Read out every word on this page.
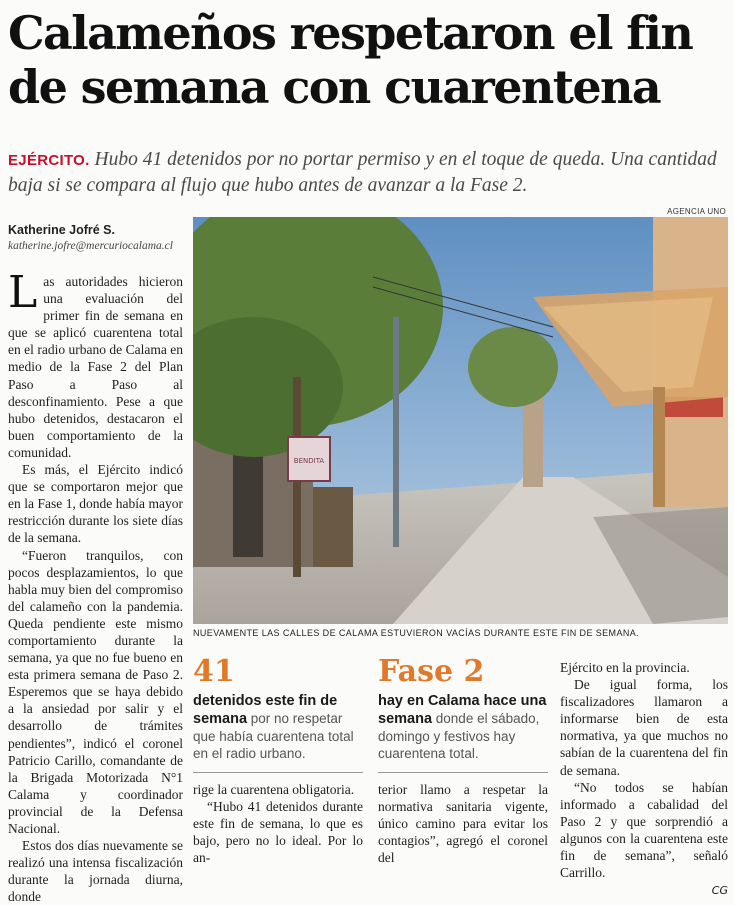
Calameños respetaron el fin
de semana con cuarentena

EJÉRCITO. Hubo 41 detenidos por no portar permiso y en el toque de queda. Una cantidad baja si se compara al flujo que hubo antes de avanzar a la Fase 2.

Katherine Jofré S.
katherine.jofre@mercuriocalama.cl
L as autoridades hicieron una evaluación del primer fin de semana en que se aplicó cuarentena total en el radio urbano de Calama en medio de la Fase 2 del Plan Paso a Paso al desconfinamiento. Pese a que hubo detenidos, destacaron el buen comportamiento de la comunidad.

Es más, el Ejército indicó que se comportaron mejor que en la Fase 1, donde había mayor restricción durante los siete días de la semana.

“Fueron tranquilos, con pocos desplazamientos, lo que habla muy bien del compromiso del calameño con la pandemia. Queda pendiente este mismo comportamiento durante la semana, ya que no fue bueno en esta primera semana de Paso 2. Esperemos que se haya debido a la ansiedad por salir y el desarrollo de trámites pendientes”, indicó el coronel Patricio Carillo, comandante de la Brigada Motorizada N°1 Calama y coordinador provincial de la Defensa Nacional.

Estos dos días nuevamente se realizó una intensa fiscalización durante la jornada diurna, donde

AGENCIA UNO
BENDITA
NUEVAMENTE LAS CALLES DE CALAMA ESTUVIERON VACÍAS DURANTE ESTE FIN DE SEMANA.
41
detenidos este fin de semana por no respetar que había cuarentena total en el radio urbano.
Fase 2
hay en Calama hace una semana donde el sábado, domingo y festivos hay cuarentena total.

rige la cuarentena obligatoria.

“Hubo 41 detenidos durante este fin de semana, lo que es bajo, pero no lo ideal. Por lo an-

terior llamo a respetar la normativa sanitaria vigente, único camino para evitar los contagios”, agregó el coronel del

Ejército en la provincia.

De igual forma, los fiscalizadores llamaron a informarse bien de esta normativa, ya que muchos no sabían de la cuarentena del fin de semana.

“No todos se habían informado a cabalidad del Paso 2 y que sorprendió a algunos con la cuarentena este fin de semana”, señaló Carrillo.

CG
